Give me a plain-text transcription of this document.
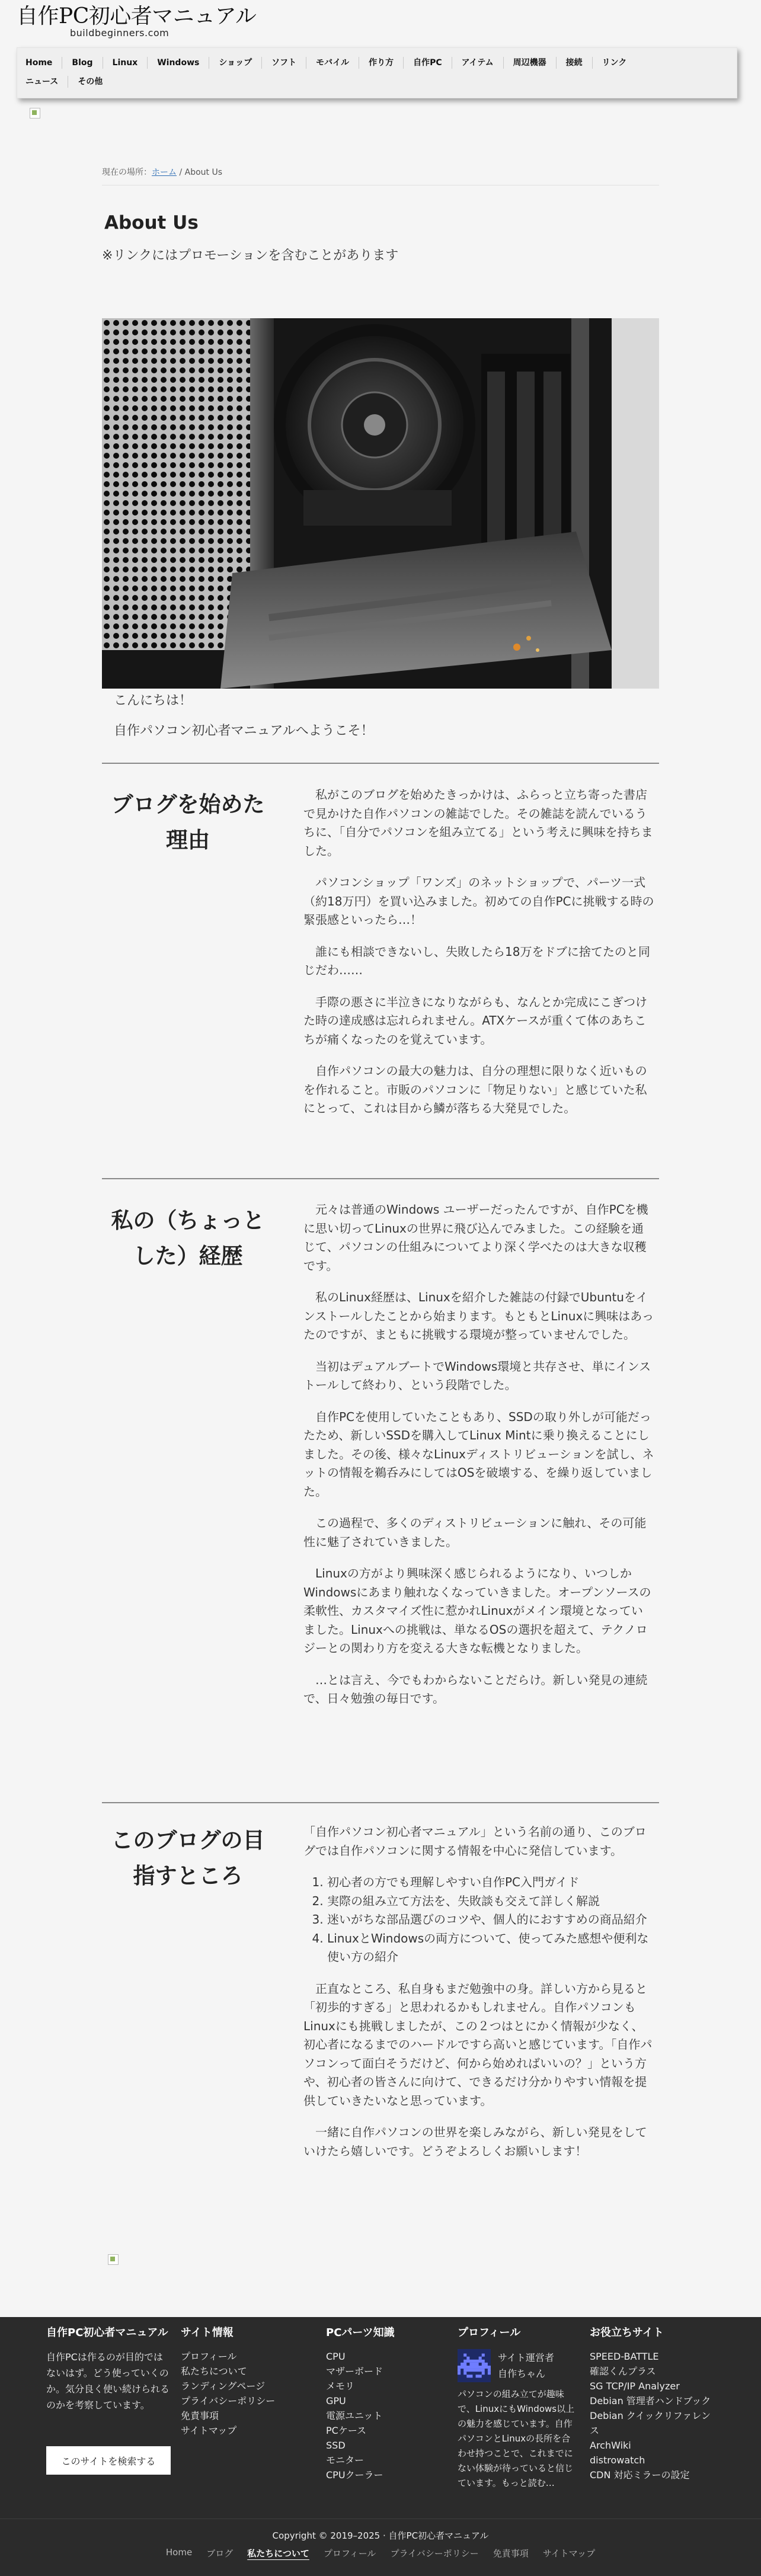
自作PC初心者マニュアル
buildbeginners.com
Home	Blog	Linux	Windows	ショップ	ソフト	モバイル	作り方	自作PC	アイテム	周辺機器	接続	リンク
ニュース	その他
現在の場所：ホーム / About Us
About Us
※リンクにはプロモーションを含むことがあります
こんにちは！
自作パソコン初心者マニュアルへようこそ！
ブログを始めた理由

私がこのブログを始めたきっかけは、ふらっと立ち寄った書店で見かけた自作パソコンの雑誌でした。その雑誌を読んでいるうちに、「自分でパソコンを組み立てる」という考えに興味を持ちました。

パソコンショップ「ワンズ」のネットショップで、パーツ一式（約18万円）を買い込みました。初めての自作PCに挑戦する時の緊張感といったら…！

誰にも相談できないし、失敗したら18万をドブに捨てたのと同じだわ……

手際の悪さに半泣きになりながらも、なんとか完成にこぎつけた時の達成感は忘れられません。ATXケースが重くて体のあちこちが痛くなったのを覚えています。

自作パソコンの最大の魅力は、自分の理想に限りなく近いものを作れること。市販のパソコンに「物足りない」と感じていた私にとって、これは目から鱗が落ちる大発見でした。

私の（ちょっとした）経歴

元々は普通のWindows ユーザーだったんですが、自作PCを機に思い切ってLinuxの世界に飛び込んでみました。この経験を通じて、パソコンの仕組みについてより深く学べたのは大きな収穫です。

私のLinux経歴は、Linuxを紹介した雑誌の付録でUbuntuをインストールしたことから始まります。もともとLinuxに興味はあったのですが、まともに挑戦する環境が整っていませんでした。

当初はデュアルブートでWindows環境と共存させ、単にインストールして終わり、という段階でした。

自作PCを使用していたこともあり、SSDの取り外しが可能だったため、新しいSSDを購入してLinux Mintに乗り換えることにしました。その後、様々なLinuxディストリビューションを試し、ネットの情報を鵜呑みにしてはOSを破壊する、を繰り返していました。

この過程で、多くのディストリビューションに触れ、その可能性に魅了されていきました。

Linuxの方がより興味深く感じられるようになり、いつしかWindowsにあまり触れなくなっていきました。オープンソースの柔軟性、カスタマイズ性に惹かれLinuxがメイン環境となっていました。Linuxへの挑戦は、単なるOSの選択を超えて、テクノロジーとの関わり方を変える大きな転機となりました。

…とは言え、今でもわからないことだらけ。新しい発見の連続で、日々勉強の毎日です。

このブログの目指すところ

「自作パソコン初心者マニュアル」という名前の通り、このブログでは自作パソコンに関する情報を中心に発信しています。

1. 初心者の方でも理解しやすい自作PC入門ガイド
2. 実際の組み立て方法を、失敗談も交えて詳しく解説
3. 迷いがちな部品選びのコツや、個人的におすすめの商品紹介
4. LinuxとWindowsの両方について、使ってみた感想や便利な使い方の紹介

正直なところ、私自身もまだ勉強中の身。詳しい方から見ると「初歩的すぎる」と思われるかもしれません。自作パソコンもLinuxにも挑戦しましたが、この２つはとにかく情報が少なく、初心者になるまでのハードルですら高いと感じています。「自作パソコンって面白そうだけど、何から始めればいいの？」という方や、初心者の皆さんに向けて、できるだけ分かりやすい情報を提供していきたいなと思っています。

一緒に自作パソコンの世界を楽しみながら、新しい発見をしていけたら嬉しいです。どうぞよろしくお願いします！

自作PC初心者マニュアル
自作PCは作るのが目的ではないはず。どう使っていくのか。気分良く使い続けられるのかを考察しています。
このサイトを検索する
サイト情報
プロフィール
私たちについて
ランディングページ
プライバシーポリシー
免責事項
サイトマップ
PCパーツ知識
CPU
マザーボード
メモリ
GPU
電源ユニット
PCケース
SSD
モニター
CPUクーラー
プロフィール
サイト運営者
自作ちゃん
パソコンの組み立てが趣味で、LinuxにもWindows以上の魅力を感じています。自作パソコンとLinuxの長所を合わせ持つことで、これまでにない体験が待っていると信じています。もっと読む…
お役立ちサイト
SPEED-BATTLE
確認くんプラス
SG TCP/IP Analyzer
Debian 管理者ハンドブック
Debian クイックリファレンス
ArchWiki
distrowatch
CDN 対応ミラーの設定
Copyright © 2019–2025 · 自作PC初心者マニュアル
Home ブログ 私たちについて プロフィール プライバシーポリシー 免責事項 サイトマップ
